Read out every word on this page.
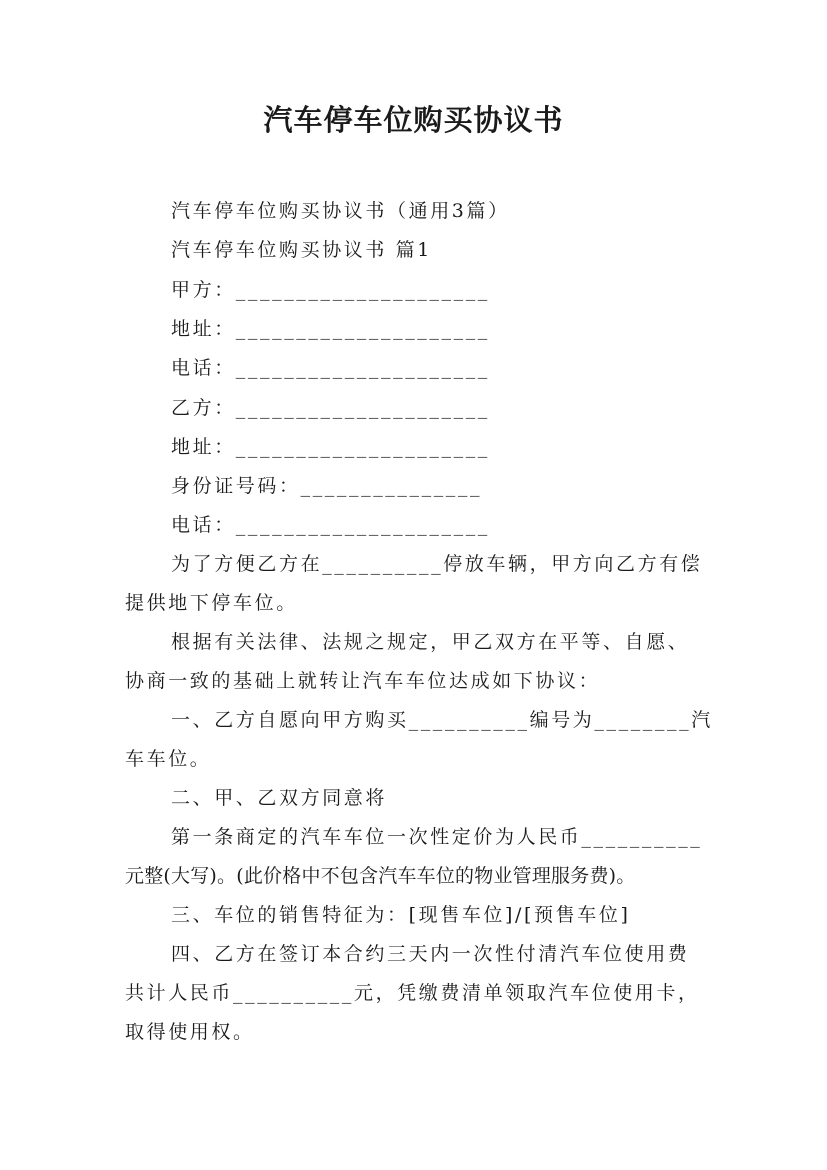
汽车停车位购买协议书
汽车停车位购买协议书（通用3篇）
汽车停车位购买协议书 篇1
甲方：_____________________
地址：_____________________
电话：_____________________
乙方：_____________________
地址：_____________________
身份证号码：_______________
电话：_____________________
为了方便乙方在__________停放车辆，甲方向乙方有偿
提供地下停车位。
根据有关法律、法规之规定，甲乙双方在平等、自愿、
协商一致的基础上就转让汽车车位达成如下协议：
一、乙方自愿向甲方购买__________编号为________汽
车车位。
二、甲、乙双方同意将
第一条商定的汽车车位一次性定价为人民币__________
元整(大写)。(此价格中不包含汽车车位的物业管理服务费)。
三、车位的销售特征为：[现售车位]/[预售车位]
四、乙方在签订本合约三天内一次性付清汽车位使用费
共计人民币__________元，凭缴费清单领取汽车位使用卡，
取得使用权。
